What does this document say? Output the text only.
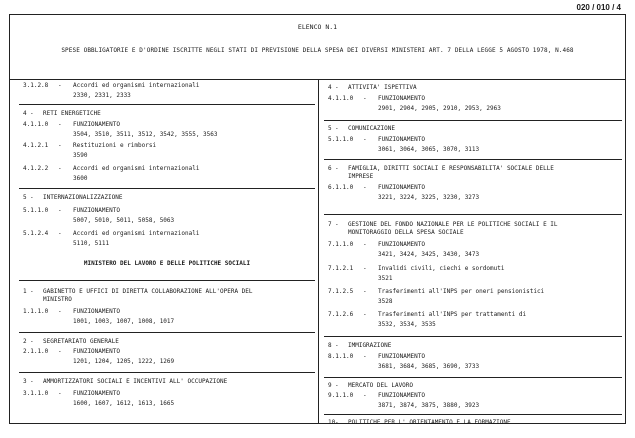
020 / 010 / 4
ELENCO N.1
SPESE OBBLIGATORIE E D'ORDINE ISCRITTE NEGLI STATI DI PREVISIONE DELLA SPESA DEI DIVERSI MINISTERI ART. 7 DELLA LEGGE 5 AGOSTO 1978, N.468
3.1.2.8 - Accordi ed organismi internazionali
2330, 2331, 2333
4 - RETI ENERGETICHE
4.1.1.0 - FUNZIONAMENTO
3504, 3510, 3511, 3512, 3542, 3555, 3563
4.1.2.1 - Restituzioni e rimborsi
3590
4.1.2.2 - Accordi ed organismi internazionali
3600
5 - INTERNAZIONALIZZAZIONE
5.1.1.0 - FUNZIONAMENTO
5007, 5010, 5011, 5058, 5063
5.1.2.4 - Accordi ed organismi internazionali
5110, 5111
MINISTERO DEL LAVORO E DELLE POLITICHE SOCIALI
1 - GABINETTO E UFFICI DI DIRETTA COLLABORAZIONE ALL'OPERA DEL
MINISTRO
1.1.1.0 - FUNZIONAMENTO
1001, 1003, 1007, 1008, 1017
2 - SEGRETARIATO GENERALE
2.1.1.0 - FUNZIONAMENTO
1201, 1204, 1205, 1222, 1269
3 - AMMORTIZZATORI SOCIALI E INCENTIVI ALL' OCCUPAZIONE
3.1.1.0 - FUNZIONAMENTO
1600, 1607, 1612, 1613, 1665
4 - ATTIVITA' ISPETTIVA
4.1.1.0 - FUNZIONAMENTO
2901, 2904, 2905, 2910, 2953, 2963
5 - COMUNICAZIONE
5.1.1.0 - FUNZIONAMENTO
3061, 3064, 3065, 3070, 3113
6 - FAMIGLIA, DIRITTI SOCIALI E RESPONSABILITA' SOCIALE DELLE
IMPRESE
6.1.1.0 - FUNZIONAMENTO
3221, 3224, 3225, 3230, 3273
7 - GESTIONE DEL FONDO NAZIONALE PER LE POLITICHE SOCIALI E IL
MONITORAGGIO DELLA SPESA SOCIALE
7.1.1.0 - FUNZIONAMENTO
3421, 3424, 3425, 3430, 3473
7.1.2.1 - Invalidi civili, ciechi e sordomuti
3521
7.1.2.5 - Trasferimenti all'INPS per oneri pensionistici
3528
7.1.2.6 - Trasferimenti all'INPS per trattamenti di
3532, 3534, 3535
8 - IMMIGRAZIONE
8.1.1.0 - FUNZIONAMENTO
3681, 3684, 3685, 3690, 3733
9 - MERCATO DEL LAVORO
9.1.1.0 - FUNZIONAMENTO
3871, 3874, 3875, 3880, 3923
10 - POLITICHE PER L' ORIENTAMENTO E LA FORMAZIONE
